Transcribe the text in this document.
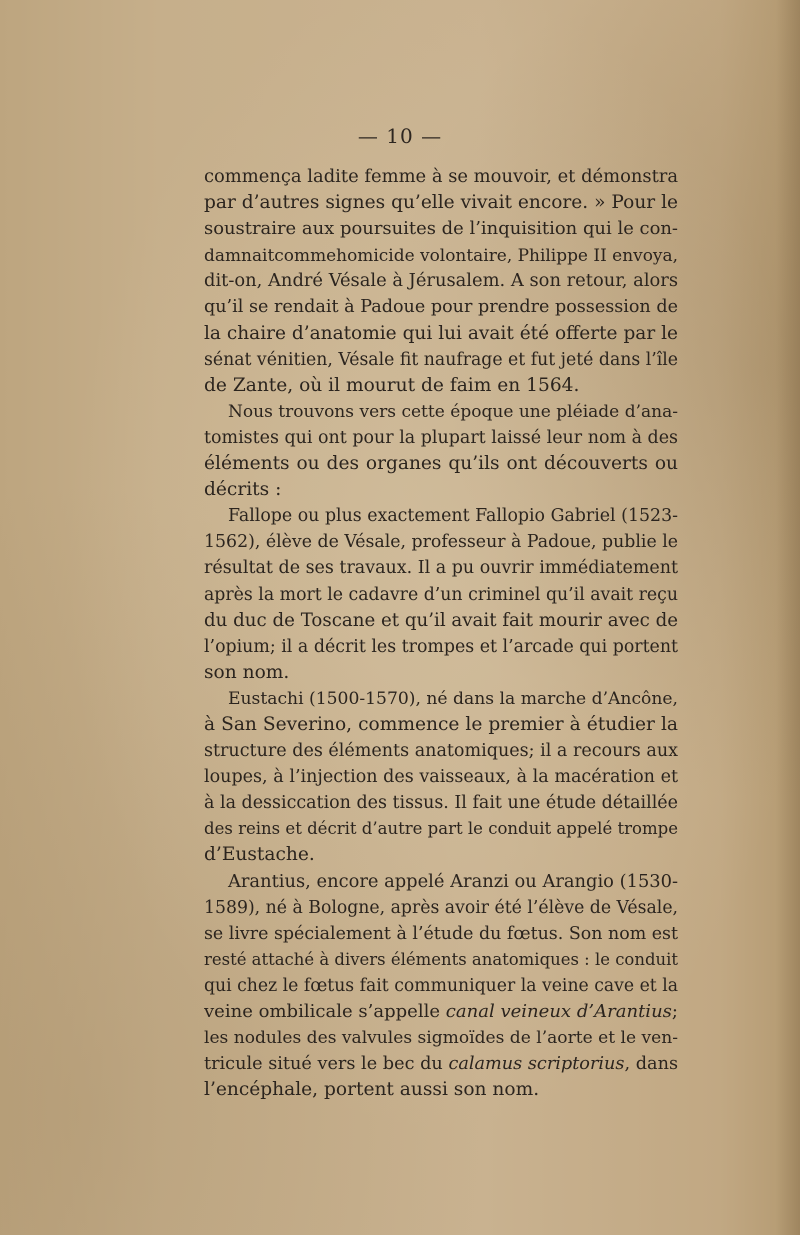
— 10 —
commença ladite femme à se mouvoir, et démonstra
par d’autres signes qu’elle vivait encore. » Pour le
soustraire aux poursuites de l’inquisition qui le con-
damnaitcommehomicide volontaire, Philippe II envoya,
dit-on, André Vésale à Jérusalem. A son retour, alors
qu’il se rendait à Padoue pour prendre possession de
la chaire d’anatomie qui lui avait été offerte par le
sénat vénitien, Vésale fit naufrage et fut jeté dans l’île
de Zante, où il mourut de faim en 1564.
Nous trouvons vers cette époque une pléiade d’ana-
tomistes qui ont pour la plupart laissé leur nom à des
éléments ou des organes qu’ils ont découverts ou
décrits :
Fallope ou plus exactement Fallopio Gabriel (1523-
1562), élève de Vésale, professeur à Padoue, publie le
résultat de ses travaux. Il a pu ouvrir immédiatement
après la mort le cadavre d’un criminel qu’il avait reçu
du duc de Toscane et qu’il avait fait mourir avec de
l’opium; il a décrit les trompes et l’arcade qui portent
son nom.
Eustachi (1500-1570), né dans la marche d’Ancône,
à San Severino, commence le premier à étudier la
structure des éléments anatomiques; il a recours aux
loupes, à l’injection des vaisseaux, à la macération et
à la dessiccation des tissus. Il fait une étude détaillée
des reins et décrit d’autre part le conduit appelé trompe
d’Eustache.
Arantius, encore appelé Aranzi ou Arangio (1530-
1589), né à Bologne, après avoir été l’élève de Vésale,
se livre spécialement à l’étude du fœtus. Son nom est
resté attaché à divers éléments anatomiques : le conduit
qui chez le fœtus fait communiquer la veine cave et la
veine ombilicale s’appelle canal veineux d’Arantius;
les nodules des valvules sigmoïdes de l’aorte et le ven-
tricule situé vers le bec du calamus scriptorius, dans
l’encéphale, portent aussi son nom.
